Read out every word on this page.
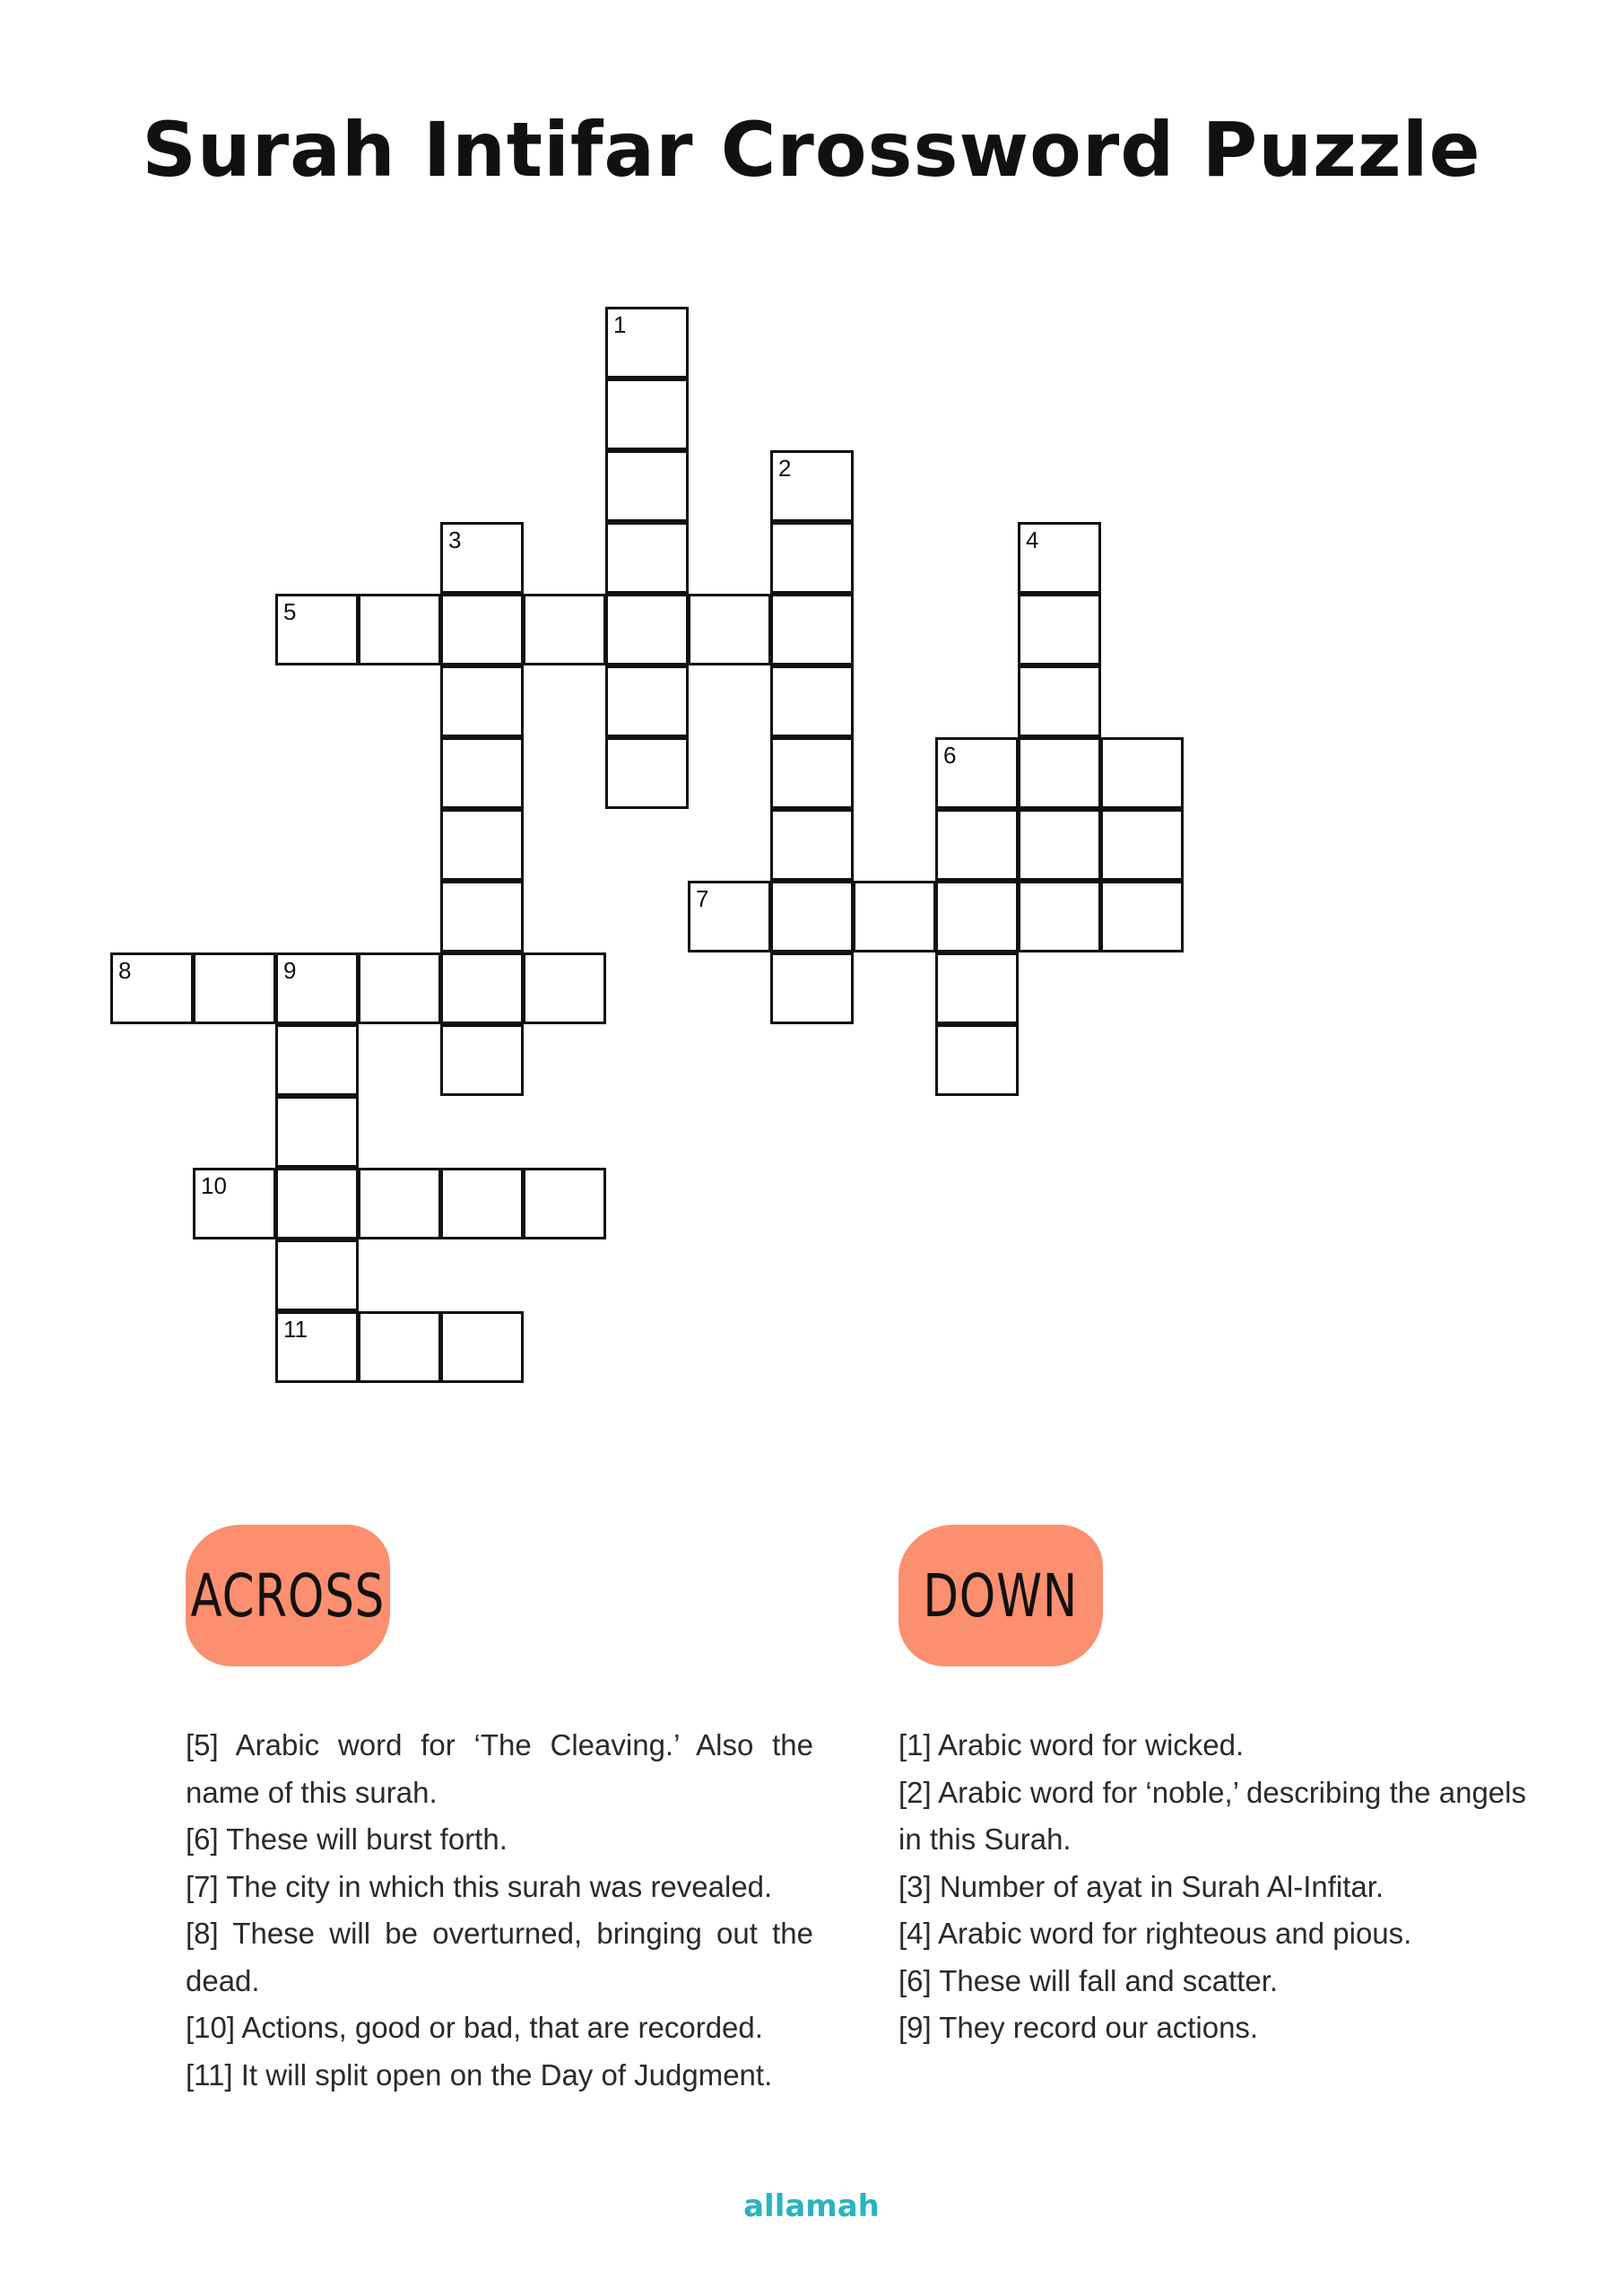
Surah Intifar Crossword Puzzle
1
2
3	4
5
6
7
8	9
11
10
ACROSS	DOWN

[5] Arabic word for ‘The Cleaving.’ Also the name of this surah.

[6] These will burst forth.

[7] The city in which this surah was revealed.

[8] These will be overturned, bringing out the dead.

[10] Actions, good or bad, that are recorded.

[11] It will split open on the Day of Judgment.

[1] Arabic word for wicked.

[2] Arabic word for ‘noble,’ describing the angels in this Surah.

[3] Number of ayat in Surah Al-Infitar.

[4] Arabic word for righteous and pious.

[6] These will fall and scatter.

[9] They record our actions.

allamah
